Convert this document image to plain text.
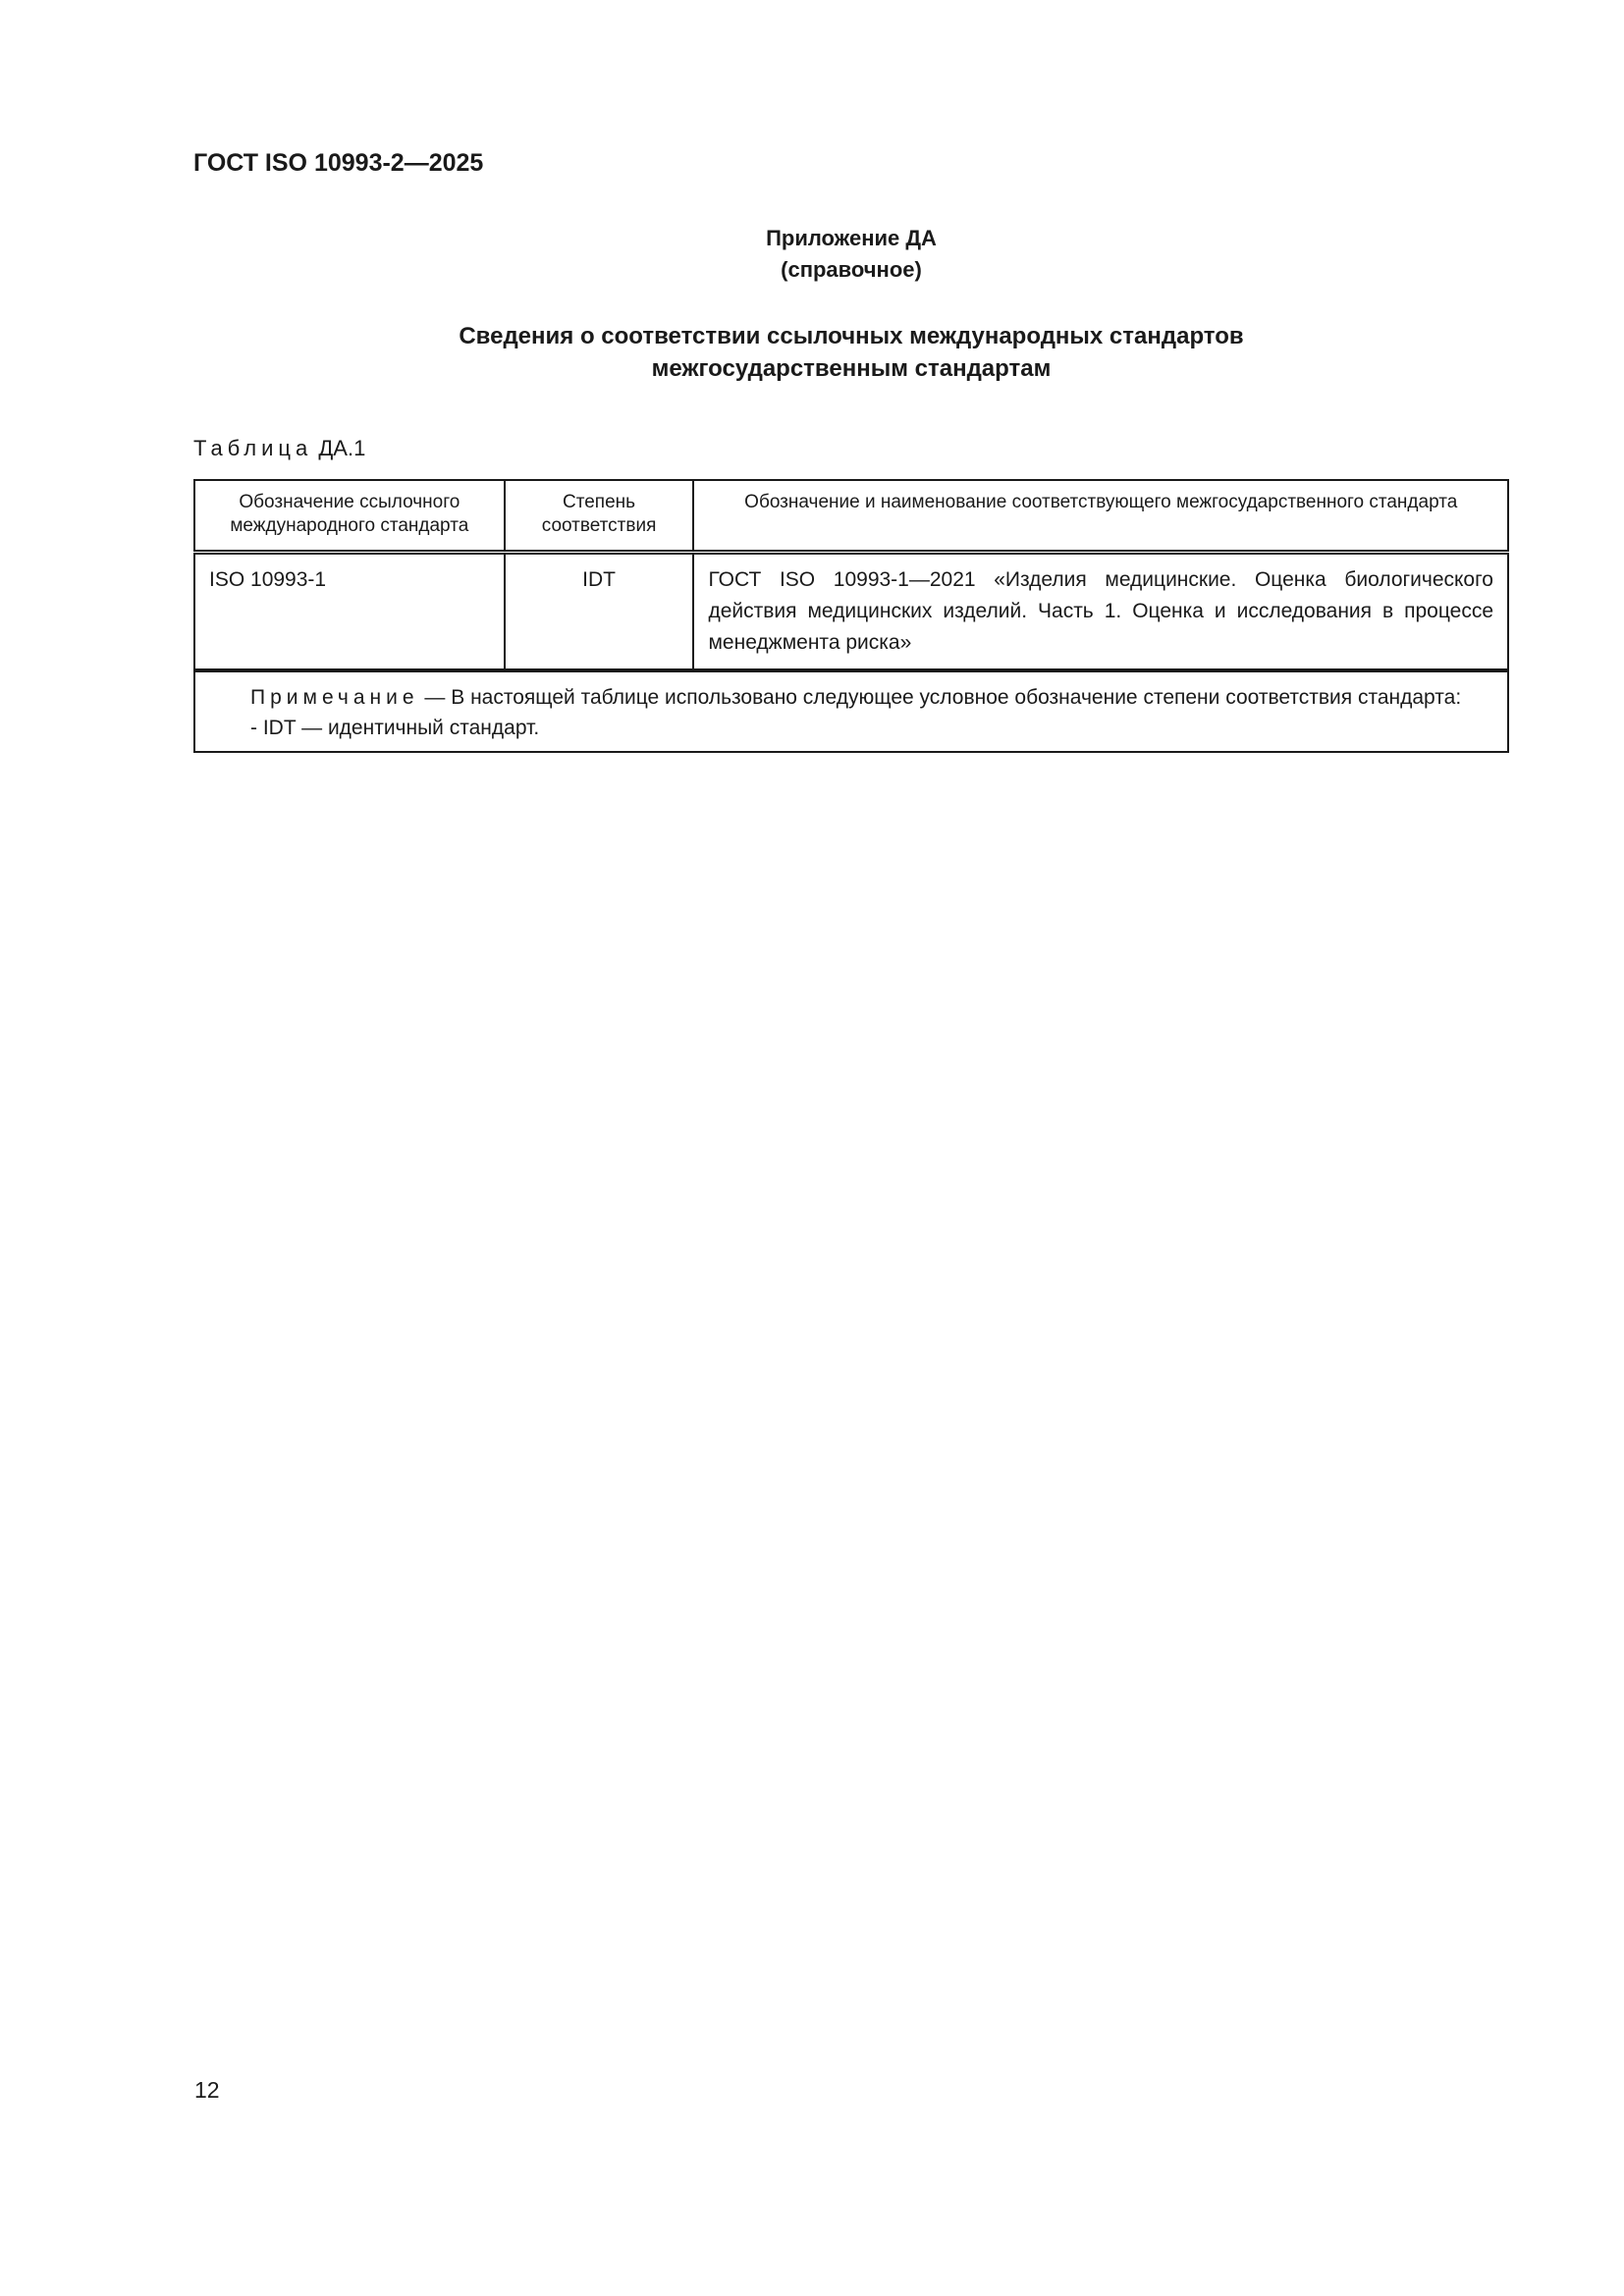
ГОСТ ISO 10993-2—2025
Приложение ДА
(справочное)
Сведения о соответствии ссылочных международных стандартов
межгосударственным стандартам
Таблица ДА.1
Обозначение ссылочного международного стандарта	Степень соответствия	Обозначение и наименование соответствующего межгосударственного стандарта
ISO 10993-1	IDT	ГОСТ ISO 10993-1—2021 «Изделия медицинские. Оценка биологического действия медицинских изделий. Часть 1. Оценка и исследования в процессе менеджмента риска»

Примечание — В настоящей таблице использовано следующее условное обозначение степени соответствия стандарта:
- IDT — идентичный стандарт.		
12
